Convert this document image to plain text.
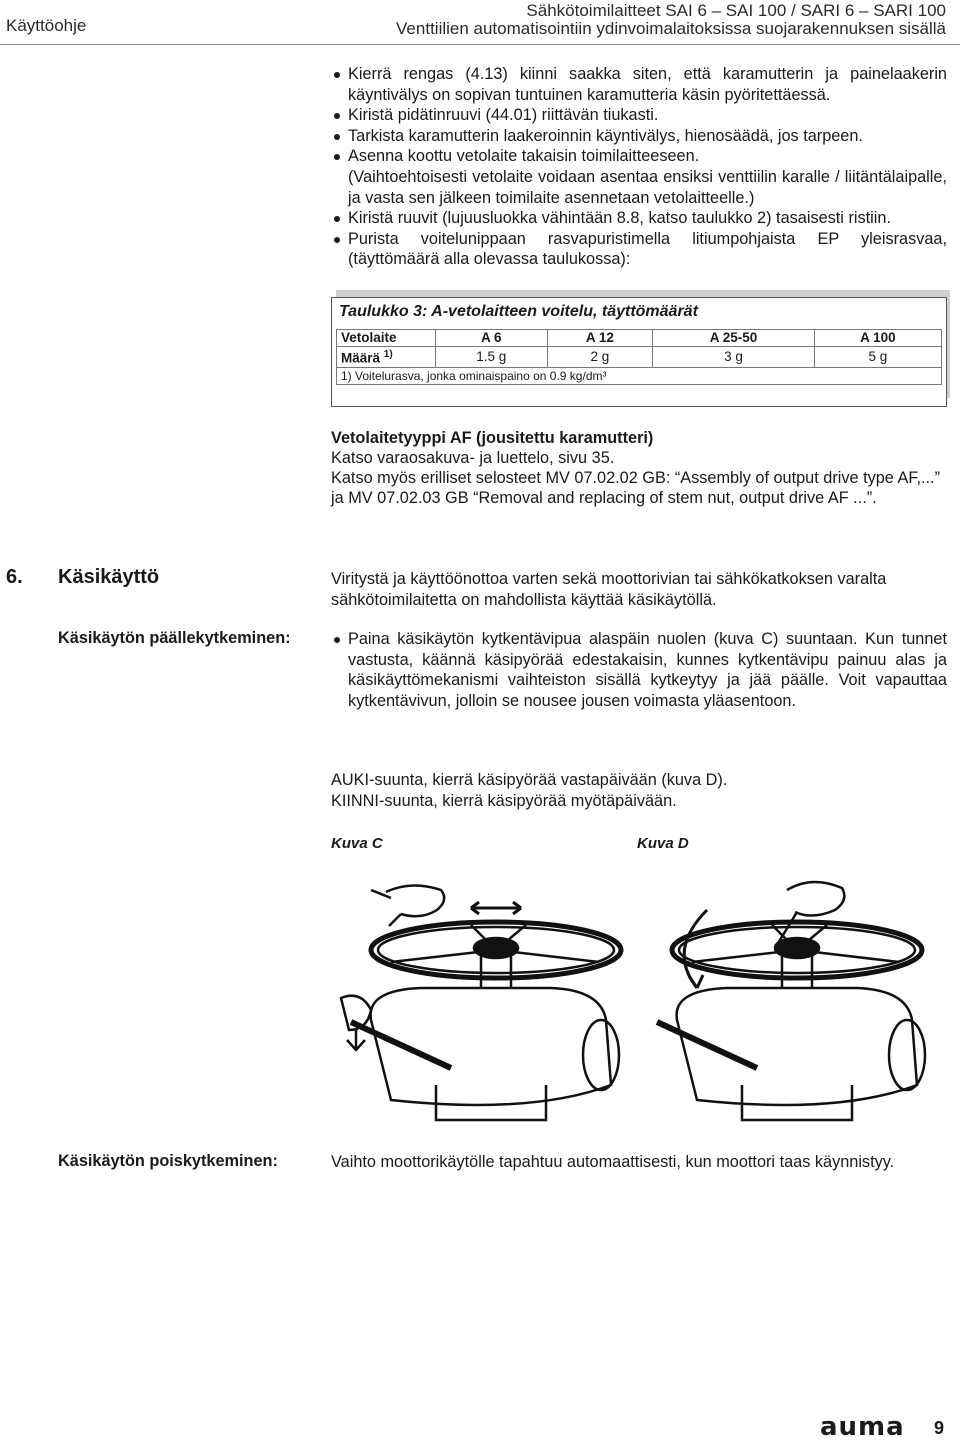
Käyttöohje
Sähkötoimilaitteet SAI 6 – SAI 100 / SARI 6 – SARI 100
Venttiilien automatisointiin ydinvoimalaitoksissa suojarakennuksen sisällä
Kierrä rengas (4.13) kiinni saakka siten, että karamutterin ja painelaakerin käyntivälys on sopivan tuntuinen karamutteria käsin pyöritettäessä.
Kiristä pidätinruuvi (44.01) riittävän tiukasti.
Tarkista karamutterin laakeroinnin käyntivälys, hienosäädä, jos tarpeen.
Asenna koottu vetolaite takaisin toimilaitteeseen.
(Vaihtoehtoisesti vetolaite voidaan asentaa ensiksi venttiilin karalle / liitäntälaipalle, ja vasta sen jälkeen toimilaite asennetaan vetolaitteelle.)
Kiristä ruuvit (lujuusluokka vähintään 8.8, katso taulukko 2) tasaisesti ristiin.
Purista voitelunippaan rasvapuristimella litiumpohjaista EP yleisrasvaa, (täyttömäärä alla olevassa taulukossa):
Taulukko 3: A-vetolaitteen voitelu, täyttömäärät
Vetolaite	A 6	A 12	A 25-50	A 100
Määrä $^{1)}$	1.5 g	2 g	3 g	5 g
1) Voitelurasva, jonka ominaispaino on 0.9 kg/dm³				
Vetolaitetyyppi AF (jousitettu karamutteri)
Katso varaosakuva- ja luettelo, sivu 35.
Katso myös erilliset selosteet MV 07.02.02 GB: “Assembly of output drive type AF,...” ja MV 07.02.03 GB “Removal and replacing of stem nut, output drive AF ...”.
6. Käsikäyttö	Viritystä ja käyttöönottoa varten sekä moottorivian tai sähkökatkoksen varalta sähkötoimilaitetta on mahdollista käyttää käsikäytöllä.
Käsikäytön päällekytkeminen:	Paina käsikäytön kytkentävipua alaspäin nuolen (kuva C) suuntaan. Kun tunnet vastusta, käännä käsipyörää edestakaisin, kunnes kytkentävipu painuu alas ja käsikäyttömekanismi vaihteiston sisällä kytkeytyy ja jää päälle. Voit vapauttaa kytkentävivun, jolloin se nousee jousen voimasta yläasentoon.
AUKI-suunta, kierrä käsipyörää vastapäivään (kuva D).
KIINNI-suunta, kierrä käsipyörää myötäpäivään.
Kuva C	Kuva D
Käsikäytön poiskytkeminen:	Vaihto moottorikäytölle tapahtuu automaattisesti, kun moottori taas käynnistyy.
auma 9
